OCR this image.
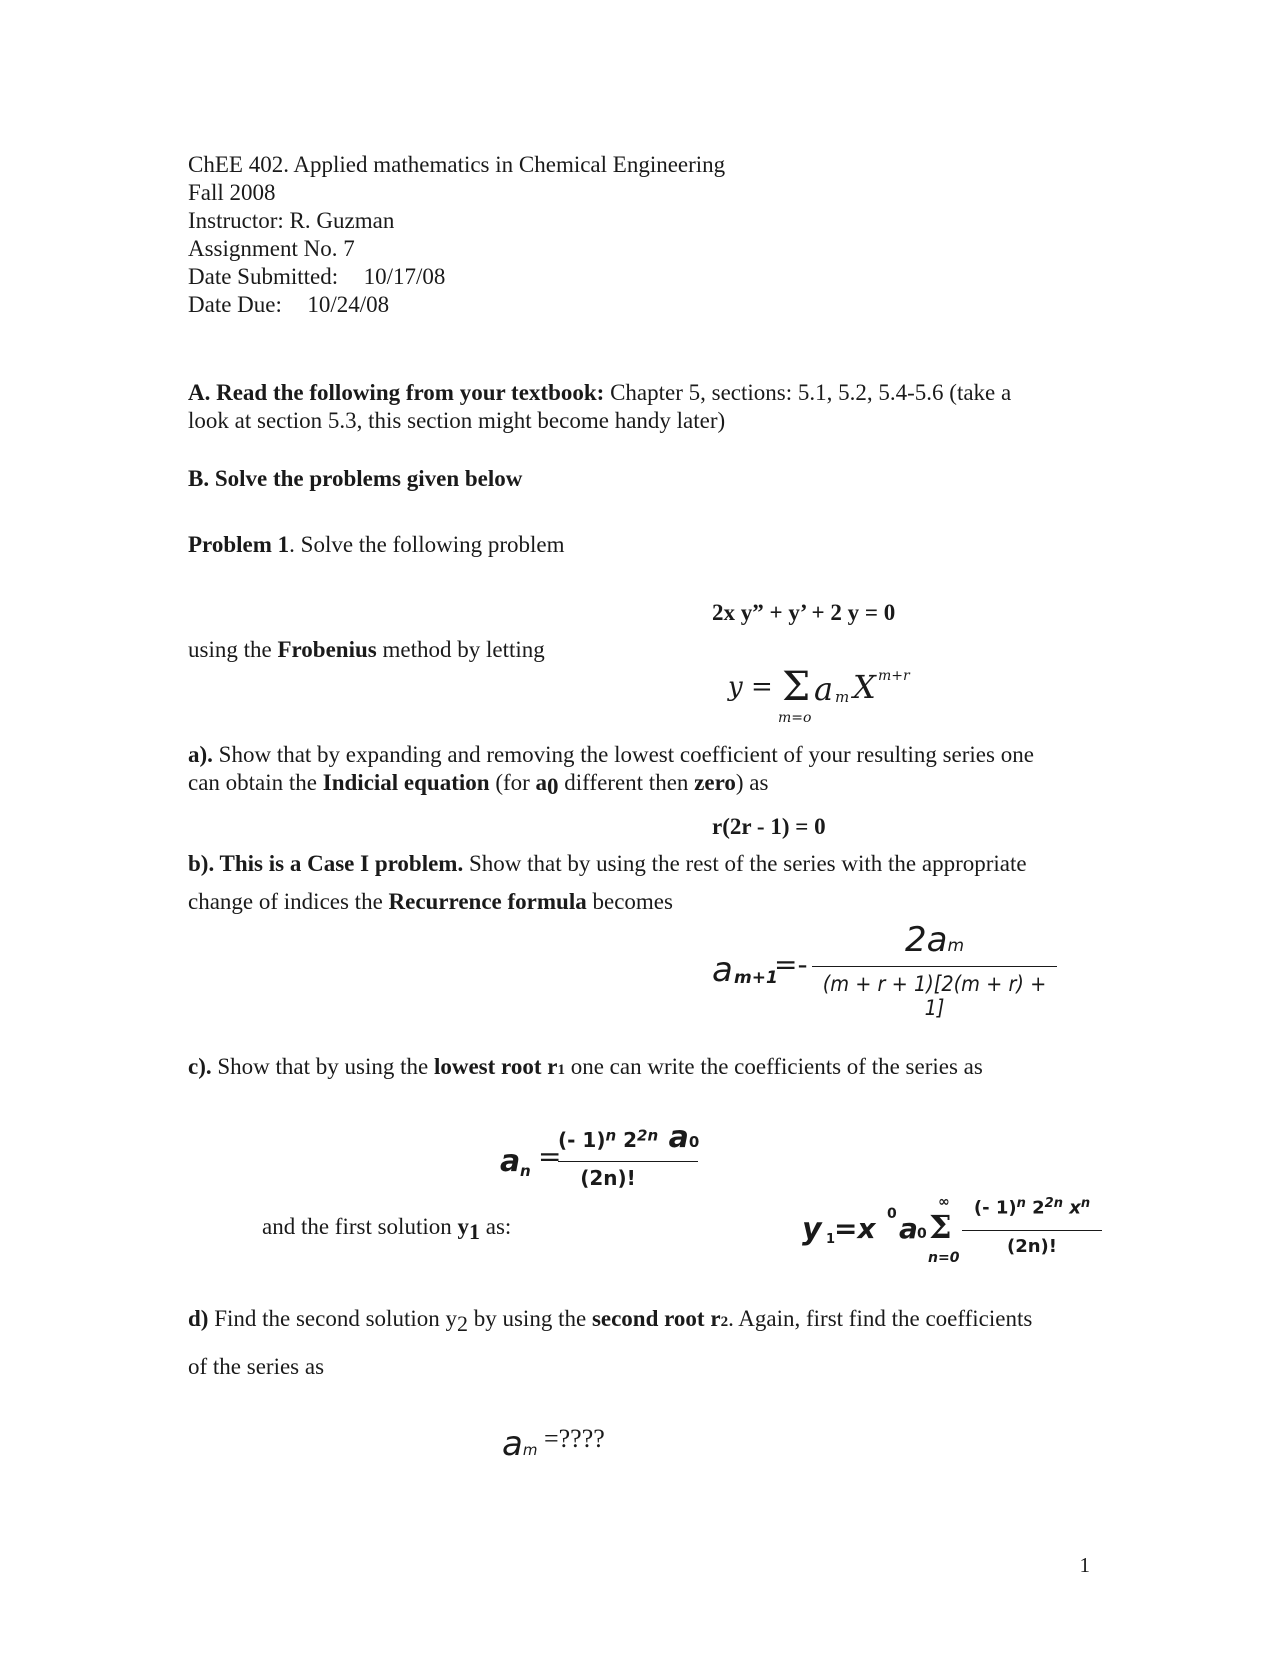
ChEE 402. Applied mathematics in Chemical Engineering
Fall 2008
Instructor: R. Guzman
Assignment No. 7
Date Submitted: 10/17/08
Date Due: 10/24/08
A. Read the following from your textbook: Chapter 5, sections: 5.1, 5.2, 5.4-5.6 (take a
look at section 5.3, this section might become handy later)
B. Solve the problems given below
Problem 1. Solve the following problem
2x y” + y’ + 2 y = 0
using the Frobenius method by letting
y = Σ a m X m+r
m=o
a). Show that by expanding and removing the lowest coefficient of your resulting series one
can obtain the Indicial equation (for $a_0$ different then zero) as
r(2r - 1) = 0
b). This is a Case I problem. Show that by using the rest of the series with the appropriate
change of indices the Recurrence formula becomes
a m+1
=-
2am
(m + r + 1)[2(m + r) + 1]
c). Show that by using the lowest root r1 one can write the coefficients of the series as
a n =
(- 1)$^n$ $2^{2n}$ a0
(2n)!
and the first solution y1 as:	y 1
=x 0 a 0 Σ
∞
n=0
(- 1)$^n$ $2^{2n}$ $x^n$
(2n)!
d) Find the second solution y2 by using the second root r2. Again, first find the coefficients
of the series as
am =????
1
